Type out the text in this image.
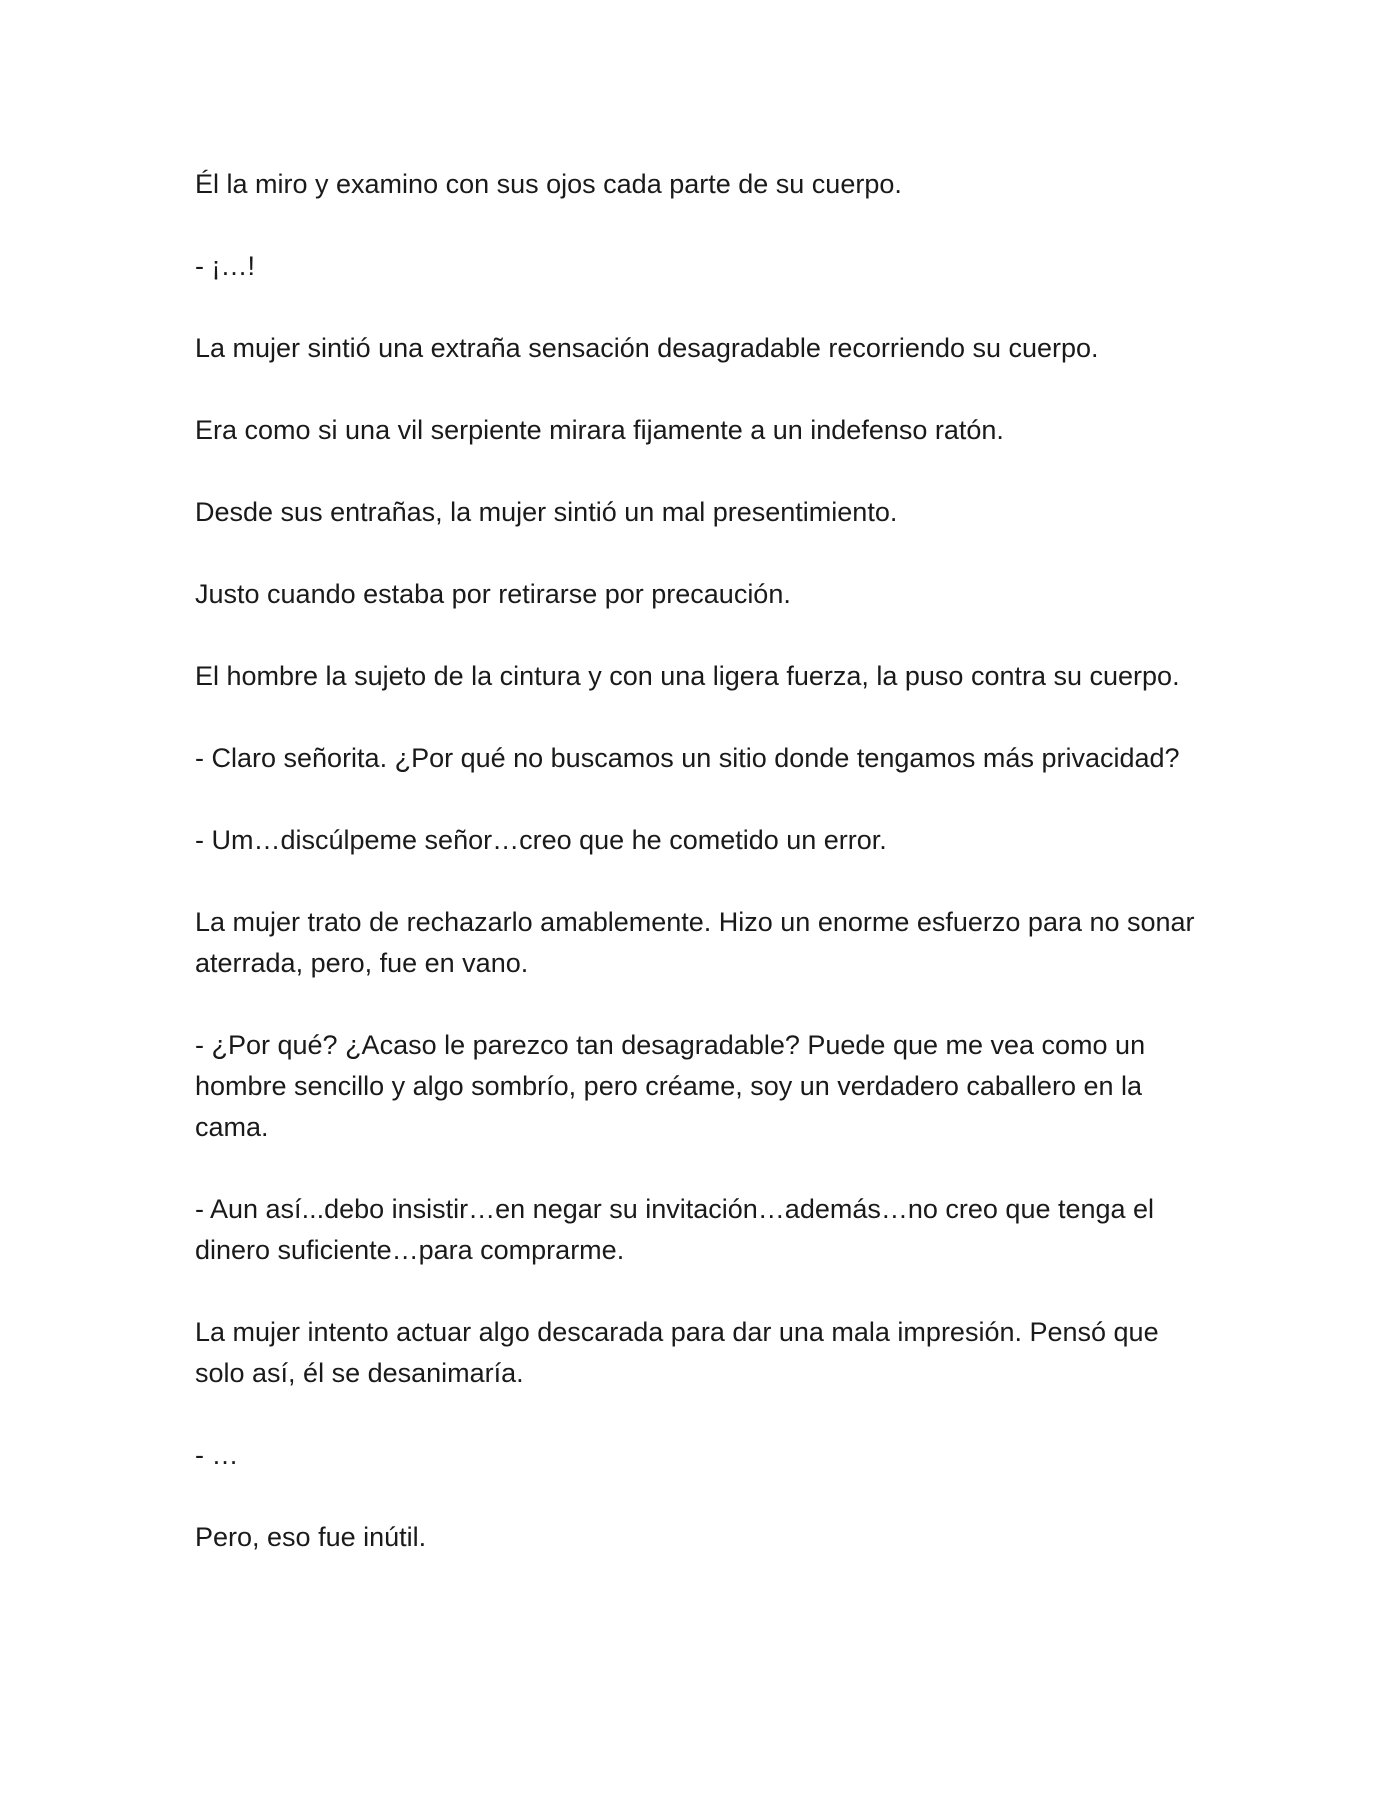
Él la miro y examino con sus ojos cada parte de su cuerpo.

- ¡…!

La mujer sintió una extraña sensación desagradable recorriendo su cuerpo.

Era como si una vil serpiente mirara fijamente a un indefenso ratón.

Desde sus entrañas, la mujer sintió un mal presentimiento.

Justo cuando estaba por retirarse por precaución.

El hombre la sujeto de la cintura y con una ligera fuerza, la puso contra su cuerpo.

- Claro señorita. ¿Por qué no buscamos un sitio donde tengamos más privacidad?

- Um…discúlpeme señor…creo que he cometido un error.

La mujer trato de rechazarlo amablemente. Hizo un enorme esfuerzo para no sonar aterrada, pero, fue en vano.

- ¿Por qué? ¿Acaso le parezco tan desagradable? Puede que me vea como un hombre sencillo y algo sombrío, pero créame, soy un verdadero caballero en la cama.

- Aun así...debo insistir…en negar su invitación…además…no creo que tenga el dinero suficiente…para comprarme.

La mujer intento actuar algo descarada para dar una mala impresión. Pensó que solo así, él se desanimaría.

- …

Pero, eso fue inútil.
